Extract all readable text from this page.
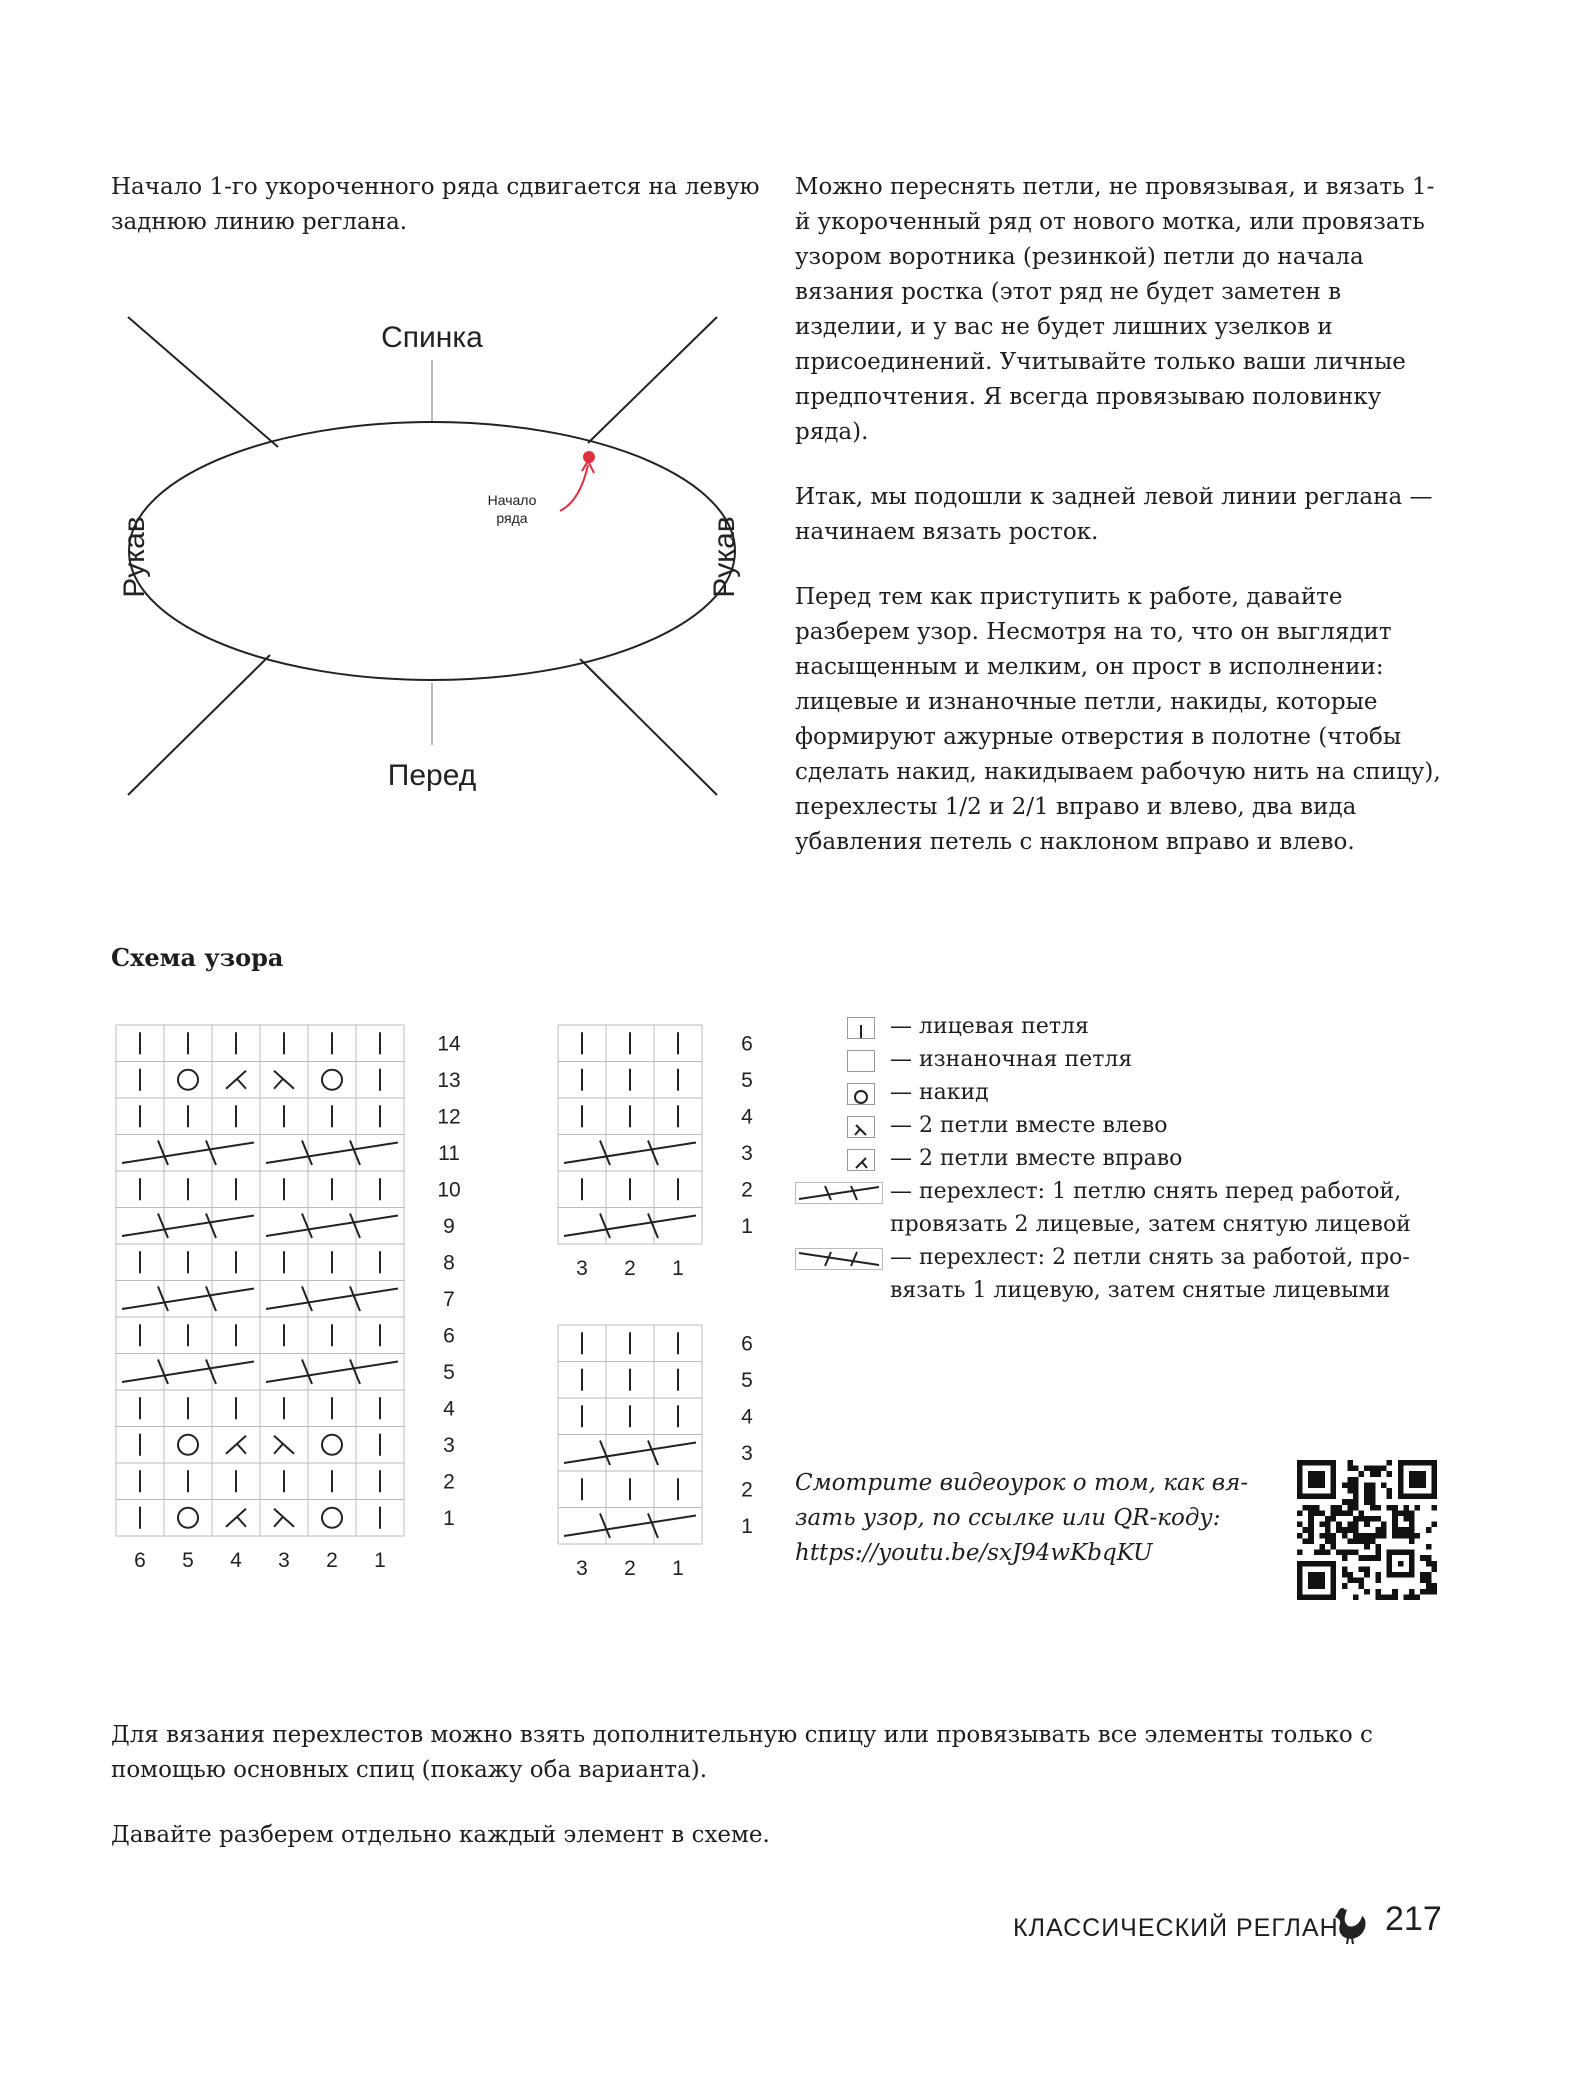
Начало 1-го укороченного ряда сдвигается на левую заднюю линию реглана.

Спинка
Перед
Рукав	Рукав
Начало
ряда

Можно переснять петли, не провязывая, и вязать 1-й укороченный ряд от нового мотка, или провязать узором воротника (резинкой) петли до начала вязания ростка (этот ряд не будет заметен в изделии, и у вас не будет лишних узелков и присоединений. Учитывайте только ваши личные предпочтения. Я всегда провязываю половинку ряда).

Итак, мы подошли к задней левой линии реглана — начинаем вязать росток.

Перед тем как приступить к работе, давайте разберем узор. Несмотря на то, что он выглядит насыщенным и мелким, он прост в исполнении: лицевые и изнаночные петли, накиды, которые формируют ажурные отверстия в полотне (чтобы сделать накид, накидываем рабочую нить на спицу), перехлесты 1/2 и 2/1 вправо и влево, два вида убавления петель с наклоном вправо и влево.

Схема узора
14
13
12
11
10
9
8
7
6
5
4
3
2
1
6 5 4 3 2 1
6
5
4
3
2
1
3 2 1
6
5
4
3
2
1
3 2 1
— лицевая петля
— изнаночная петля
— накид
— 2 петли вместе влево
— 2 петли вместе вправо
— перехлест: 1 петлю снять перед работой,
провязать 2 лицевые, затем снятую лицевой
— перехлест: 2 петли снять за работой, про-
вязать 1 лицевую, затем снятые лицевыми
Смотрите видеоурок о том, как вя-
зать узор, по ссылке или QR-коду:
https://youtu.be/sxJ94wKbqKU

Для вязания перехлестов можно взять дополнительную спицу или провязывать все элементы только с помощью основных спиц (покажу оба варианта).

Давайте разберем отдельно каждый элемент в схеме.

КЛАССИЧЕСКИЙ РЕГЛАН 217
